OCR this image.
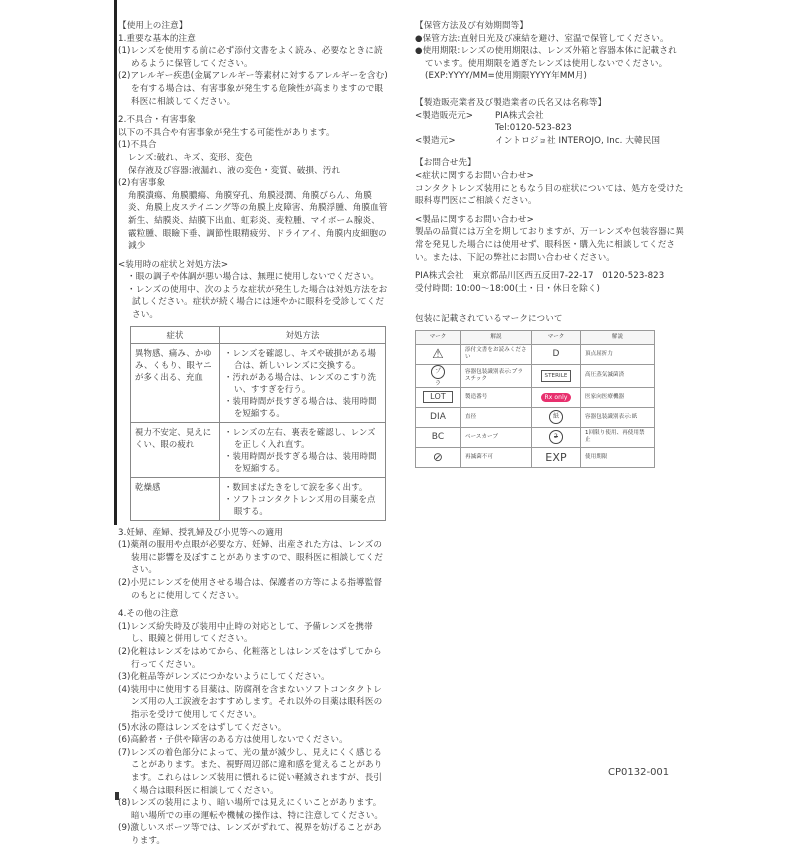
【使用上の注意】

1.重要な基本的注意

(1)レンズを使用する前に必ず添付文書をよく読み、必要なときに読めるように保管してください。

(2)アレルギー疾患(金属アレルギー等素材に対するアレルギーを含む)を有する場合は、有害事象が発生する危険性が高まりますので眼科医に相談してください。

2.不具合・有害事象

以下の不具合や有害事象が発生する可能性があります。

(1)不具合

レンズ:破れ、キズ、変形、変色

保存液及び容器:液漏れ、液の変色・変質、破損、汚れ

(2)有害事象

角膜潰瘍、角膜膿瘍、角膜穿孔、角膜浸潤、角膜びらん、角膜炎、角膜上皮ステイニング等の角膜上皮障害、角膜浮腫、角膜血管新生、結膜炎、結膜下出血、虹彩炎、麦粒腫、マイボーム腺炎、霰粒腫、眼瞼下垂、調節性眼精疲労、ドライアイ、角膜内皮細胞の減少

<装用時の症状と対処方法>

・眼の調子や体調が悪い場合は、無理に使用しないでください。

・レンズの使用中、次のような症状が発生した場合は対処方法をお試しください。症状が続く場合には速やかに眼科を受診してください。

症状	対処方法
異物感、痛み、かゆみ、くもり、眼ヤニが多く出る、充血	・レンズを確認し、キズや破損がある場合は、新しいレンズに交換する。
・汚れがある場合は、レンズのこすり洗い、すすぎを行う。
・装用時間が長すぎる場合は、装用時間を短縮する。

視力不安定、見えにくい、眼の疲れ	・レンズの左右、裏表を確認し、レンズを正しく入れ直す。
・装用時間が長すぎる場合は、装用時間を短縮する。

乾燥感	・数回まばたきをして涙を多く出す。
・ソフトコンタクトレンズ用の目薬を点眼する。

3.妊婦、産婦、授乳婦及び小児等への適用

(1)薬剤の服用や点眼が必要な方、妊婦、出産された方は、レンズの装用に影響を及ぼすことがありますので、眼科医に相談してください。

(2)小児にレンズを使用させる場合は、保護者の方等による指導監督のもとに使用してください。

4.その他の注意

(1)レンズ紛失時及び装用中止時の対応として、予備レンズを携帯し、眼鏡と併用してください。

(2)化粧はレンズをはめてから、化粧落としはレンズをはずしてから行ってください。

(3)化粧品等がレンズにつかないようにしてください。

(4)装用中に使用する目薬は、防腐剤を含まないソフトコンタクトレンズ用の人工涙液をおすすめします。それ以外の目薬は眼科医の指示を受けて使用してください。

(5)水泳の際はレンズをはずしてください。

(6)高齢者・子供や障害のある方は使用しないでください。

(7)レンズの着色部分によって、光の量が減少し、見えにくく感じることがあります。また、視野周辺部に違和感を覚えることがあります。これらはレンズ装用に慣れるに従い軽減されますが、長引く場合は眼科医に相談してください。

(8)レンズの装用により、暗い場所では見えにくいことがあります。暗い場所での車の運転や機械の操作は、特に注意してください。

(9)激しいスポーツ等では、レンズがずれて、視界を妨げることがあります。

【保管方法及び有効期間等】

●保管方法:直射日光及び凍結を避け、室温で保管してください。

●使用期限:レンズの使用期限は、レンズ外箱と容器本体に記載されています。使用期限を過ぎたレンズは使用しないでください。

(EXP:YYYY/MM=使用期限YYYY年MM月)

【製造販売業者及び製造業者の氏名又は名称等】

<製造販売元>	PIA株式会社
Tel:0120-523-823
<製造元>	イントロジョ社 INTEROJO, Inc. 大韓民国

【お問合せ先】

<症状に関するお問い合わせ>

コンタクトレンズ装用にともなう目の症状については、処方を受けた眼科専門医にご相談ください。

<製品に関するお問い合わせ>

製品の品質には万全を期しておりますが、万一レンズや包装容器に異常を発見した場合には使用せず、眼科医・購入先に相談してください。または、下記の弊社にお問い合わせください。

PIA株式会社　東京都品川区西五反田7-22-17　0120-523-823

受付時間: 10:00〜18:00(土・日・休日を除く)

包装に記載されているマークについて

マーク	解説	マーク	解説
⚠	添付文書をお読みください	D	頂点屈折力
プラ	容器包装識別表示:プラスチック	STERILE	高圧蒸気滅菌済
LOT	製造番号	Rx only	医家向医療機器
DIA	直径	紙	容器包装識別表示:紙
BC	ベースカーブ	2	1回限り使用、再使用禁止
⊘	再滅菌不可	EXP	使用期限
CP0132-001
